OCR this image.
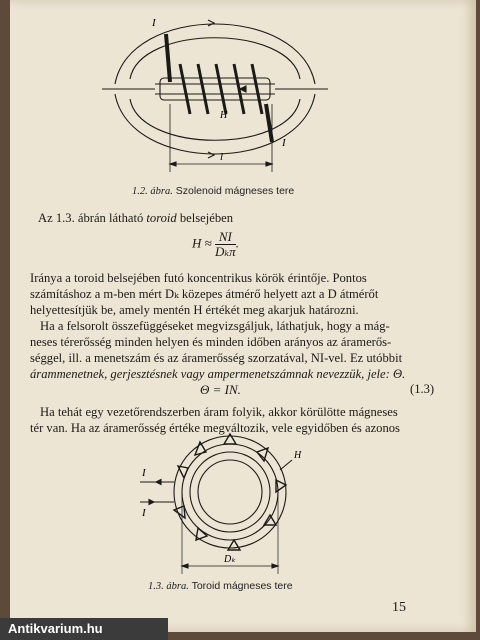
I
I
H
l
1.2. ábra. Szolenoid mágneses tere
Az 1.3. ábrán látható toroid belsejében
$H \approx \frac{NI}{\text{Dₖπ}}$ .
Iránya a toroid belsejében futó koncentrikus körök érintője. Pontos
számításhoz a m-ben mért Dₖ közepes átmérő helyett azt a D átmérőt
helyettesítjük be, amely mentén H értékét meg akarjuk határozni.
Ha a felsorolt összefüggéseket megvizsgáljuk, láthatjuk, hogy a mág-
neses térerősség minden helyen és minden időben arányos az áramerős-
séggel, ill. a menetszám és az áramerősség szorzatával, NI-vel. Ez utóbbit
árammenetnek, gerjesztésnek vagy ampermenetszámnak nevezzük, jele: Θ.
Θ = IN.	(1.3)
Ha tehát egy vezetőrendszerben áram folyik, akkor körülötte mágneses
tér van. Ha az áramerősség értéke megváltozik, vele egyidőben és azonos
I
I
H
Dₖ
1.3. ábra. Toroid mágneses tere
15
Antikvarium.hu
